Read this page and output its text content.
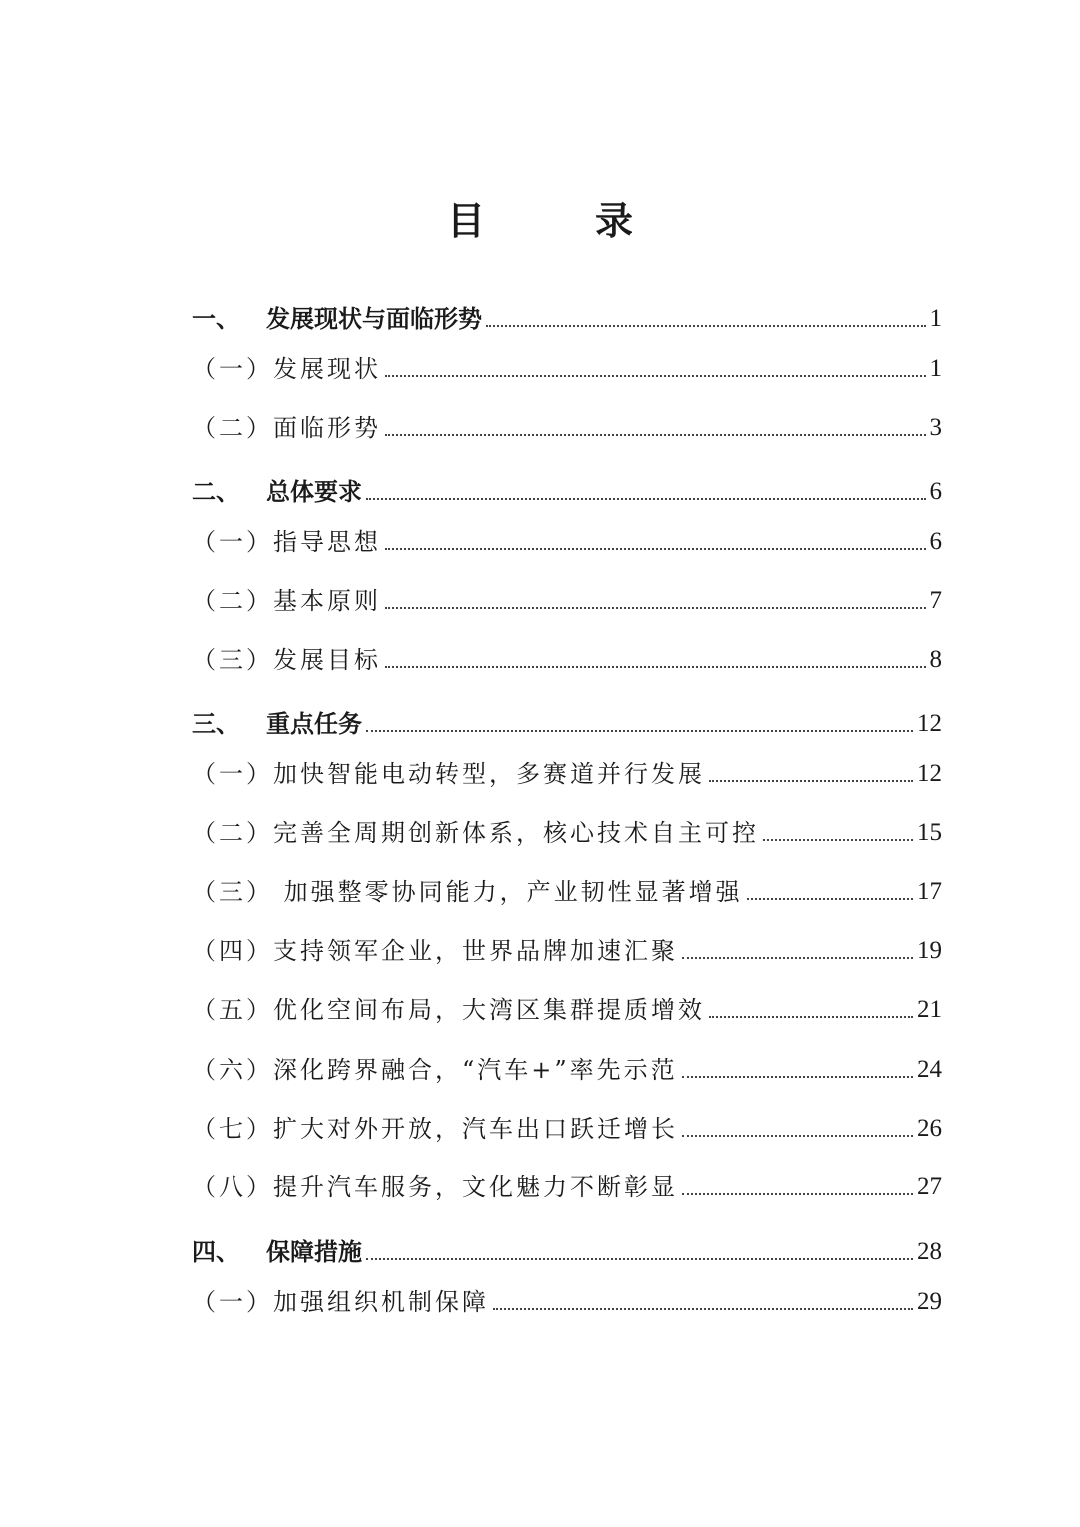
目　录
一、 发展现状与面临形势	1
（一）发展现状	1
（二）面临形势	3
二、 总体要求	6
（一）指导思想	6
（二）基本原则	7
（三）发展目标	8
三、 重点任务	12
（一）加快智能电动转型，多赛道并行发展	12
（二）完善全周期创新体系，核心技术自主可控	15
（三） 加强整零协同能力，产业韧性显著增强	17
（四）支持领军企业，世界品牌加速汇聚	19
（五）优化空间布局，大湾区集群提质增效	21
（六）深化跨界融合，“汽车+”率先示范	24
（七）扩大对外开放，汽车出口跃迁增长	26
（八）提升汽车服务，文化魅力不断彰显	27
四、 保障措施	28
（一）加强组织机制保障	29
